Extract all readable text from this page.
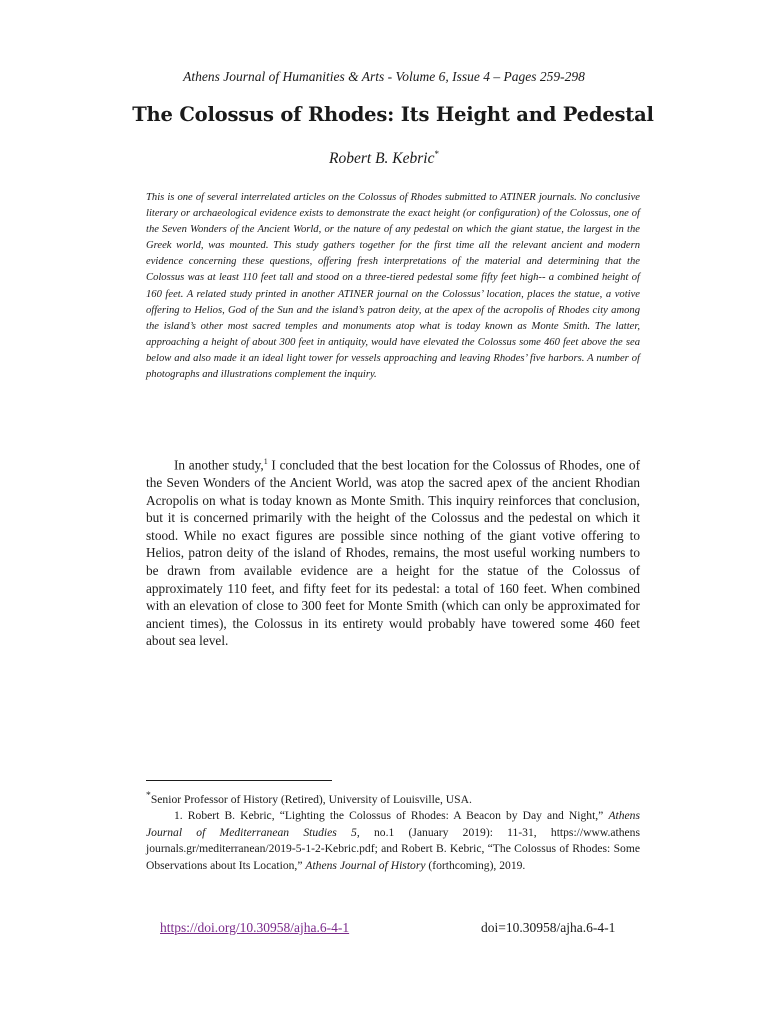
Athens Journal of Humanities & Arts - Volume 6, Issue 4 – Pages 259-298
The Colossus of Rhodes: Its Height and Pedestal
Robert B. Kebric*
This is one of several interrelated articles on the Colossus of Rhodes submitted to ATINER journals. No conclusive literary or archaeological evidence exists to demonstrate the exact height (or configuration) of the Colossus, one of the Seven Wonders of the Ancient World, or the nature of any pedestal on which the giant statue, the largest in the Greek world, was mounted. This study gathers together for the first time all the relevant ancient and modern evidence concerning these questions, offering fresh interpretations of the material and determining that the Colossus was at least 110 feet tall and stood on a three-tiered pedestal some fifty feet high-- a combined height of 160 feet. A related study printed in another ATINER journal on the Colossus’ location, places the statue, a votive offering to Helios, God of the Sun and the island’s patron deity, at the apex of the acropolis of Rhodes city among the island’s other most sacred temples and monuments atop what is today known as Monte Smith. The latter, approaching a height of about 300 feet in antiquity, would have elevated the Colossus some 460 feet above the sea below and also made it an ideal light tower for vessels approaching and leaving Rhodes’ five harbors. A number of photographs and illustrations complement the inquiry.
In another study,$^1$ I concluded that the best location for the Colossus of Rhodes, one of the Seven Wonders of the Ancient World, was atop the sacred apex of the ancient Rhodian Acropolis on what is today known as Monte Smith. This inquiry reinforces that conclusion, but it is concerned primarily with the height of the Colossus and the pedestal on which it stood. While no exact figures are possible since nothing of the giant votive offering to Helios, patron deity of the island of Rhodes, remains, the most useful working numbers to be drawn from available evidence are a height for the statue of the Colossus of approximately 110 feet, and fifty feet for its pedestal: a total of 160 feet. When combined with an elevation of close to 300 feet for Monte Smith (which can only be approximated for ancient times), the Colossus in its entirety would probably have towered some 460 feet about sea level.

*Senior Professor of History (Retired), University of Louisville, USA.

1. Robert B. Kebric, “Lighting the Colossus of Rhodes: A Beacon by Day and Night,” Athens Journal of Mediterranean Studies 5, no.1 (January 2019): 11-31, https://www.athens journals.gr/mediterranean/2019-5-1-2-Kebric.pdf; and Robert B. Kebric, “The Colossus of Rhodes: Some Observations about Its Location,” Athens Journal of History (forthcoming), 2019.

https://doi.org/10.30958/ajha.6-4-1	doi=10.30958/ajha.6-4-1
